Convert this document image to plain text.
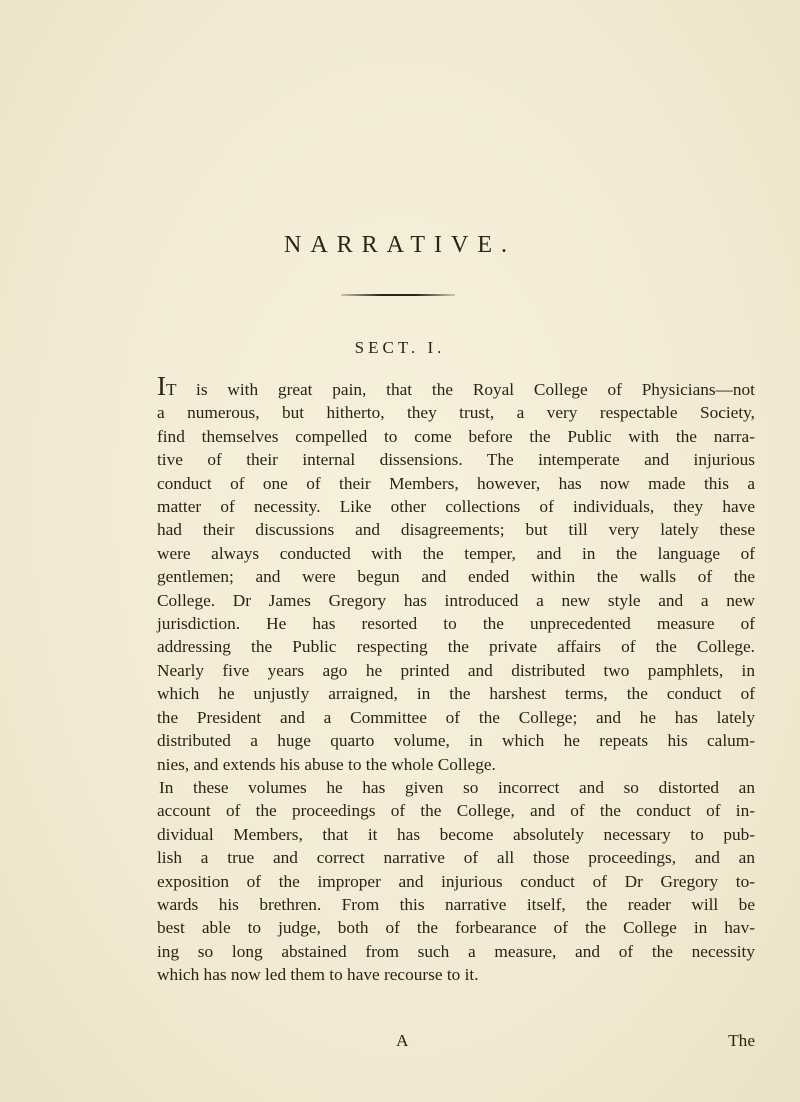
NARRATIVE.
SECT. I.
IT is with great pain, that the Royal College of Physicians—not
a numerous, but hitherto, they trust, a very respectable Society,
find themselves compelled to come before the Public with the narra-
tive of their internal dissensions. The intemperate and injurious
conduct of one of their Members, however, has now made this a
matter of necessity. Like other collections of individuals, they have
had their discussions and disagreements; but till very lately these
were always conducted with the temper, and in the language of
gentlemen; and were begun and ended within the walls of the
College. Dr James Gregory has introduced a new style and a new
jurisdiction. He has resorted to the unprecedented measure of
addressing the Public respecting the private affairs of the College.
Nearly five years ago he printed and distributed two pamphlets, in
which he unjustly arraigned, in the harshest terms, the conduct of
the President and a Committee of the College; and he has lately
distributed a huge quarto volume, in which he repeats his calum-
nies, and extends his abuse to the whole College.
In these volumes he has given so incorrect and so distorted an
account of the proceedings of the College, and of the conduct of in-
dividual Members, that it has become absolutely necessary to pub-
lish a true and correct narrative of all those proceedings, and an
exposition of the improper and injurious conduct of Dr Gregory to-
wards his brethren. From this narrative itself, the reader will be
best able to judge, both of the forbearance of the College in hav-
ing so long abstained from such a measure, and of the necessity
which has now led them to have recourse to it.
A	The
